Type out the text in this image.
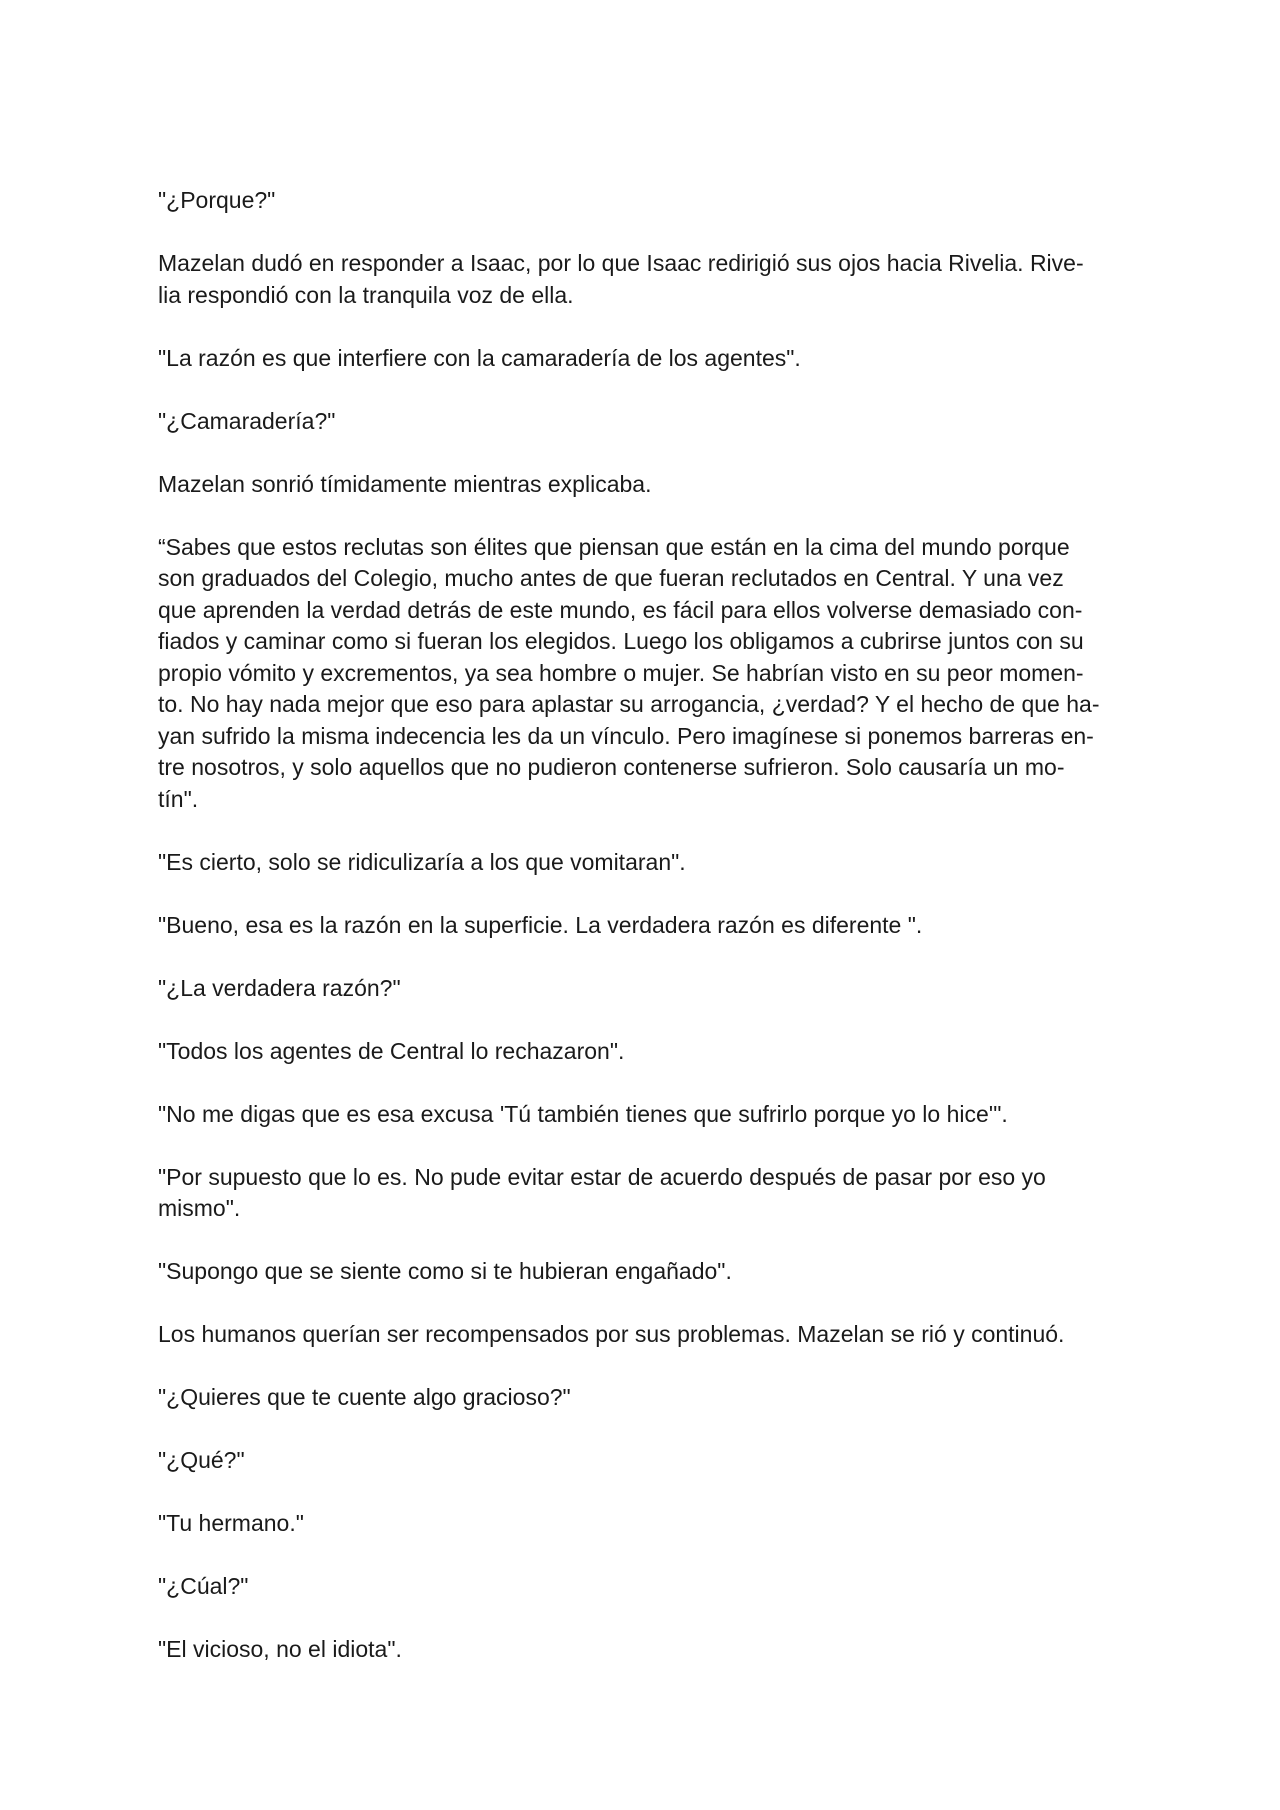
"¿Porque?"

Mazelan dudó en responder a Isaac, por lo que Isaac redirigió sus ojos hacia Rivelia. Rive-
lia respondió con la tranquila voz de ella.

"La razón es que interfiere con la camaradería de los agentes".

"¿Camaradería?"

Mazelan sonrió tímidamente mientras explicaba.

“Sabes que estos reclutas son élites que piensan que están en la cima del mundo porque
son graduados del Colegio, mucho antes de que fueran reclutados en Central. Y una vez
que aprenden la verdad detrás de este mundo, es fácil para ellos volverse demasiado con-
fiados y caminar como si fueran los elegidos. Luego los obligamos a cubrirse juntos con su
propio vómito y excrementos, ya sea hombre o mujer. Se habrían visto en su peor momen-
to. No hay nada mejor que eso para aplastar su arrogancia, ¿verdad? Y el hecho de que ha-
yan sufrido la misma indecencia les da un vínculo. Pero imagínese si ponemos barreras en-
tre nosotros, y solo aquellos que no pudieron contenerse sufrieron. Solo causaría un mo-
tín".

"Es cierto, solo se ridiculizaría a los que vomitaran".

"Bueno, esa es la razón en la superficie. La verdadera razón es diferente ".

"¿La verdadera razón?"

"Todos los agentes de Central lo rechazaron".

"No me digas que es esa excusa 'Tú también tienes que sufrirlo porque yo lo hice'".

"Por supuesto que lo es. No pude evitar estar de acuerdo después de pasar por eso yo
mismo".

"Supongo que se siente como si te hubieran engañado".

Los humanos querían ser recompensados por sus problemas. Mazelan se rió y continuó.

"¿Quieres que te cuente algo gracioso?"

"¿Qué?"

"Tu hermano."

"¿Cúal?"

"El vicioso, no el idiota".
